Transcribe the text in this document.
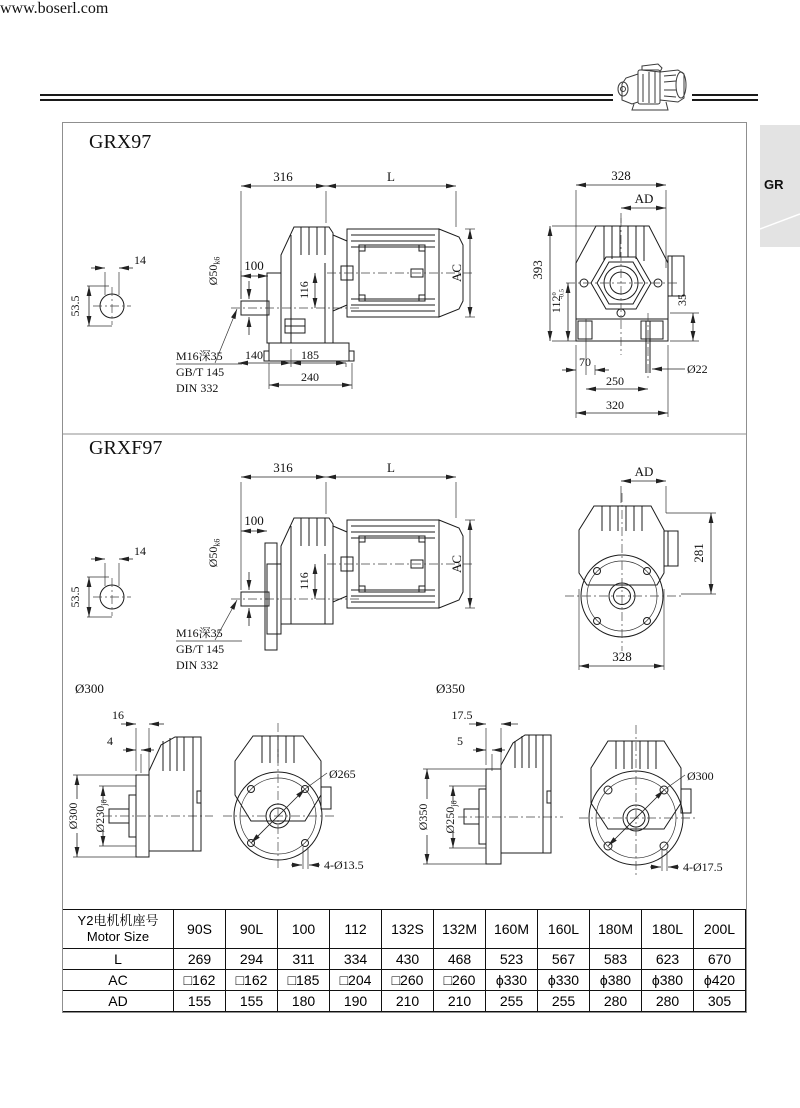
GR
GRX97
GRXF97
14
53.5
316	L
100
$Ø50_{k6}$
116
AC
140	185
240
M16深35
GB/T 145
DIN 332
328
AD
393
$112^0-0.5$	35
70	Ø22
250
320
14
53.5
316	L
100
$Ø50_{k6}$
116
AC
M16深35
GB/T 145
DIN 332
AD
281
328
Ø300
16
4
Ø300 $Ø230_{j6}$
Ø265
4-Ø13.5
Ø350
17.5
5
Ø350 $Ø250_{j6}$
Ø300
4-Ø17.5
Y2电机机座号
Motor Size	90S	90L	100	112	132S	132M	160M	160L	180M	180L	200L
L	269	294	311	334	430	468	523	567	583	623	670
AC	□162	□162	□185	□204	□260	□260	ϕ330	ϕ330	ϕ380	ϕ380	ϕ420
AD	155	155	180	190	210	210	255	255	280	280	305
www.boserl.com
